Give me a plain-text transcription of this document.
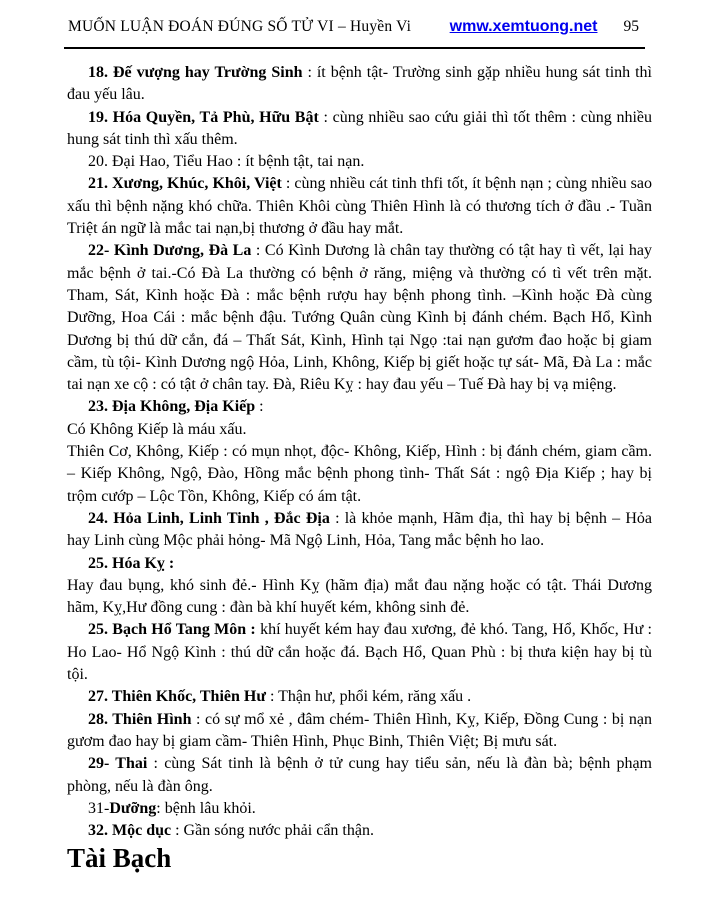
MUỐN LUẬN ĐOÁN ĐÚNG SỐ TỬ VI – Huyền Vi wmw.xemtuong.net 95

18. Đế vượng hay Trường Sinh : ít bệnh tật- Trường sinh gặp nhiều hung sát tinh thì đau yếu lâu.

19. Hóa Quyền, Tả Phù, Hữu Bật : cùng nhiều sao cứu giải thì tốt thêm : cùng nhiều hung sát tinh thì xấu thêm.

20. Đại Hao, Tiểu Hao : ít bệnh tật, tai nạn.

21. Xương, Khúc, Khôi, Việt : cùng nhiều cát tinh thfi tốt, ít bệnh nạn ; cùng nhiều sao xấu thì bệnh nặng khó chữa. Thiên Khôi cùng Thiên Hình là có thương tích ở đầu .- Tuần Triệt án ngữ là mắc tai nạn,bị thương ở đầu hay mắt.

22- Kình Dương, Đà La : Có Kình Dương là chân tay thường có tật hay tì vết, lại hay mắc bệnh ở tai.-Có Đà La thường có bệnh ở răng, miệng và thường có tì vết trên mặt. Tham, Sát, Kình hoặc Đà : mắc bệnh rượu hay bệnh phong tình. –Kình hoặc Đà cùng Dưỡng, Hoa Cái : mắc bệnh đậu. Tướng Quân cùng Kình bị đánh chém. Bạch Hổ, Kình Dương bị thú dữ cắn, đá – Thất Sát, Kình, Hình tại Ngọ :tai nạn gươm đao hoặc bị giam cầm, tù tội- Kình Dương ngộ Hỏa, Linh, Không, Kiếp bị giết hoặc tự sát- Mã, Đà La : mắc tai nạn xe cộ : có tật ở chân tay. Đà, Riêu Kỵ : hay đau yếu – Tuế Đà hay bị vạ miệng.

23. Địa Không, Địa Kiếp :

Có Không Kiếp là máu xấu.

Thiên Cơ, Không, Kiếp : có mụn nhọt, độc- Không, Kiếp, Hình : bị đánh chém, giam cầm. – Kiếp Không, Ngộ, Đào, Hồng mắc bệnh phong tình- Thất Sát : ngộ Địa Kiếp ; hay bị trộm cướp – Lộc Tồn, Không, Kiếp có ám tật.

24. Hỏa Linh, Linh Tinh , Đắc Địa : là khỏe mạnh, Hãm địa, thì hay bị bệnh – Hỏa hay Linh cùng Mộc phải hỏng- Mã Ngộ Linh, Hỏa, Tang mắc bệnh ho lao.

25. Hóa Kỵ :

Hay đau bụng, khó sinh đẻ.- Hình Kỵ (hãm địa) mắt đau nặng hoặc có tật. Thái Dương hãm, Kỵ,Hư đồng cung : đàn bà khí huyết kém, không sinh đẻ.

25. Bạch Hổ Tang Môn : khí huyết kém hay đau xương, đẻ khó. Tang, Hổ, Khốc, Hư : Ho Lao- Hổ Ngộ Kình : thú dữ cắn hoặc đá. Bạch Hổ, Quan Phù : bị thưa kiện hay bị tù tội.

27. Thiên Khốc, Thiên Hư : Thận hư, phổi kém, răng xấu .

28. Thiên Hình : có sự mổ xẻ , đâm chém- Thiên Hình, Kỵ, Kiếp, Đồng Cung : bị nạn gươm đao hay bị giam cầm- Thiên Hình, Phục Binh, Thiên Việt; Bị mưu sát.

29- Thai : cùng Sát tinh là bệnh ở tử cung hay tiểu sản, nếu là đàn bà; bệnh phạm phòng, nếu là đàn ông.

31-Dưỡng: bệnh lâu khỏi.

32. Mộc dục : Gần sóng nước phải cẩn thận.

Tài Bạch
